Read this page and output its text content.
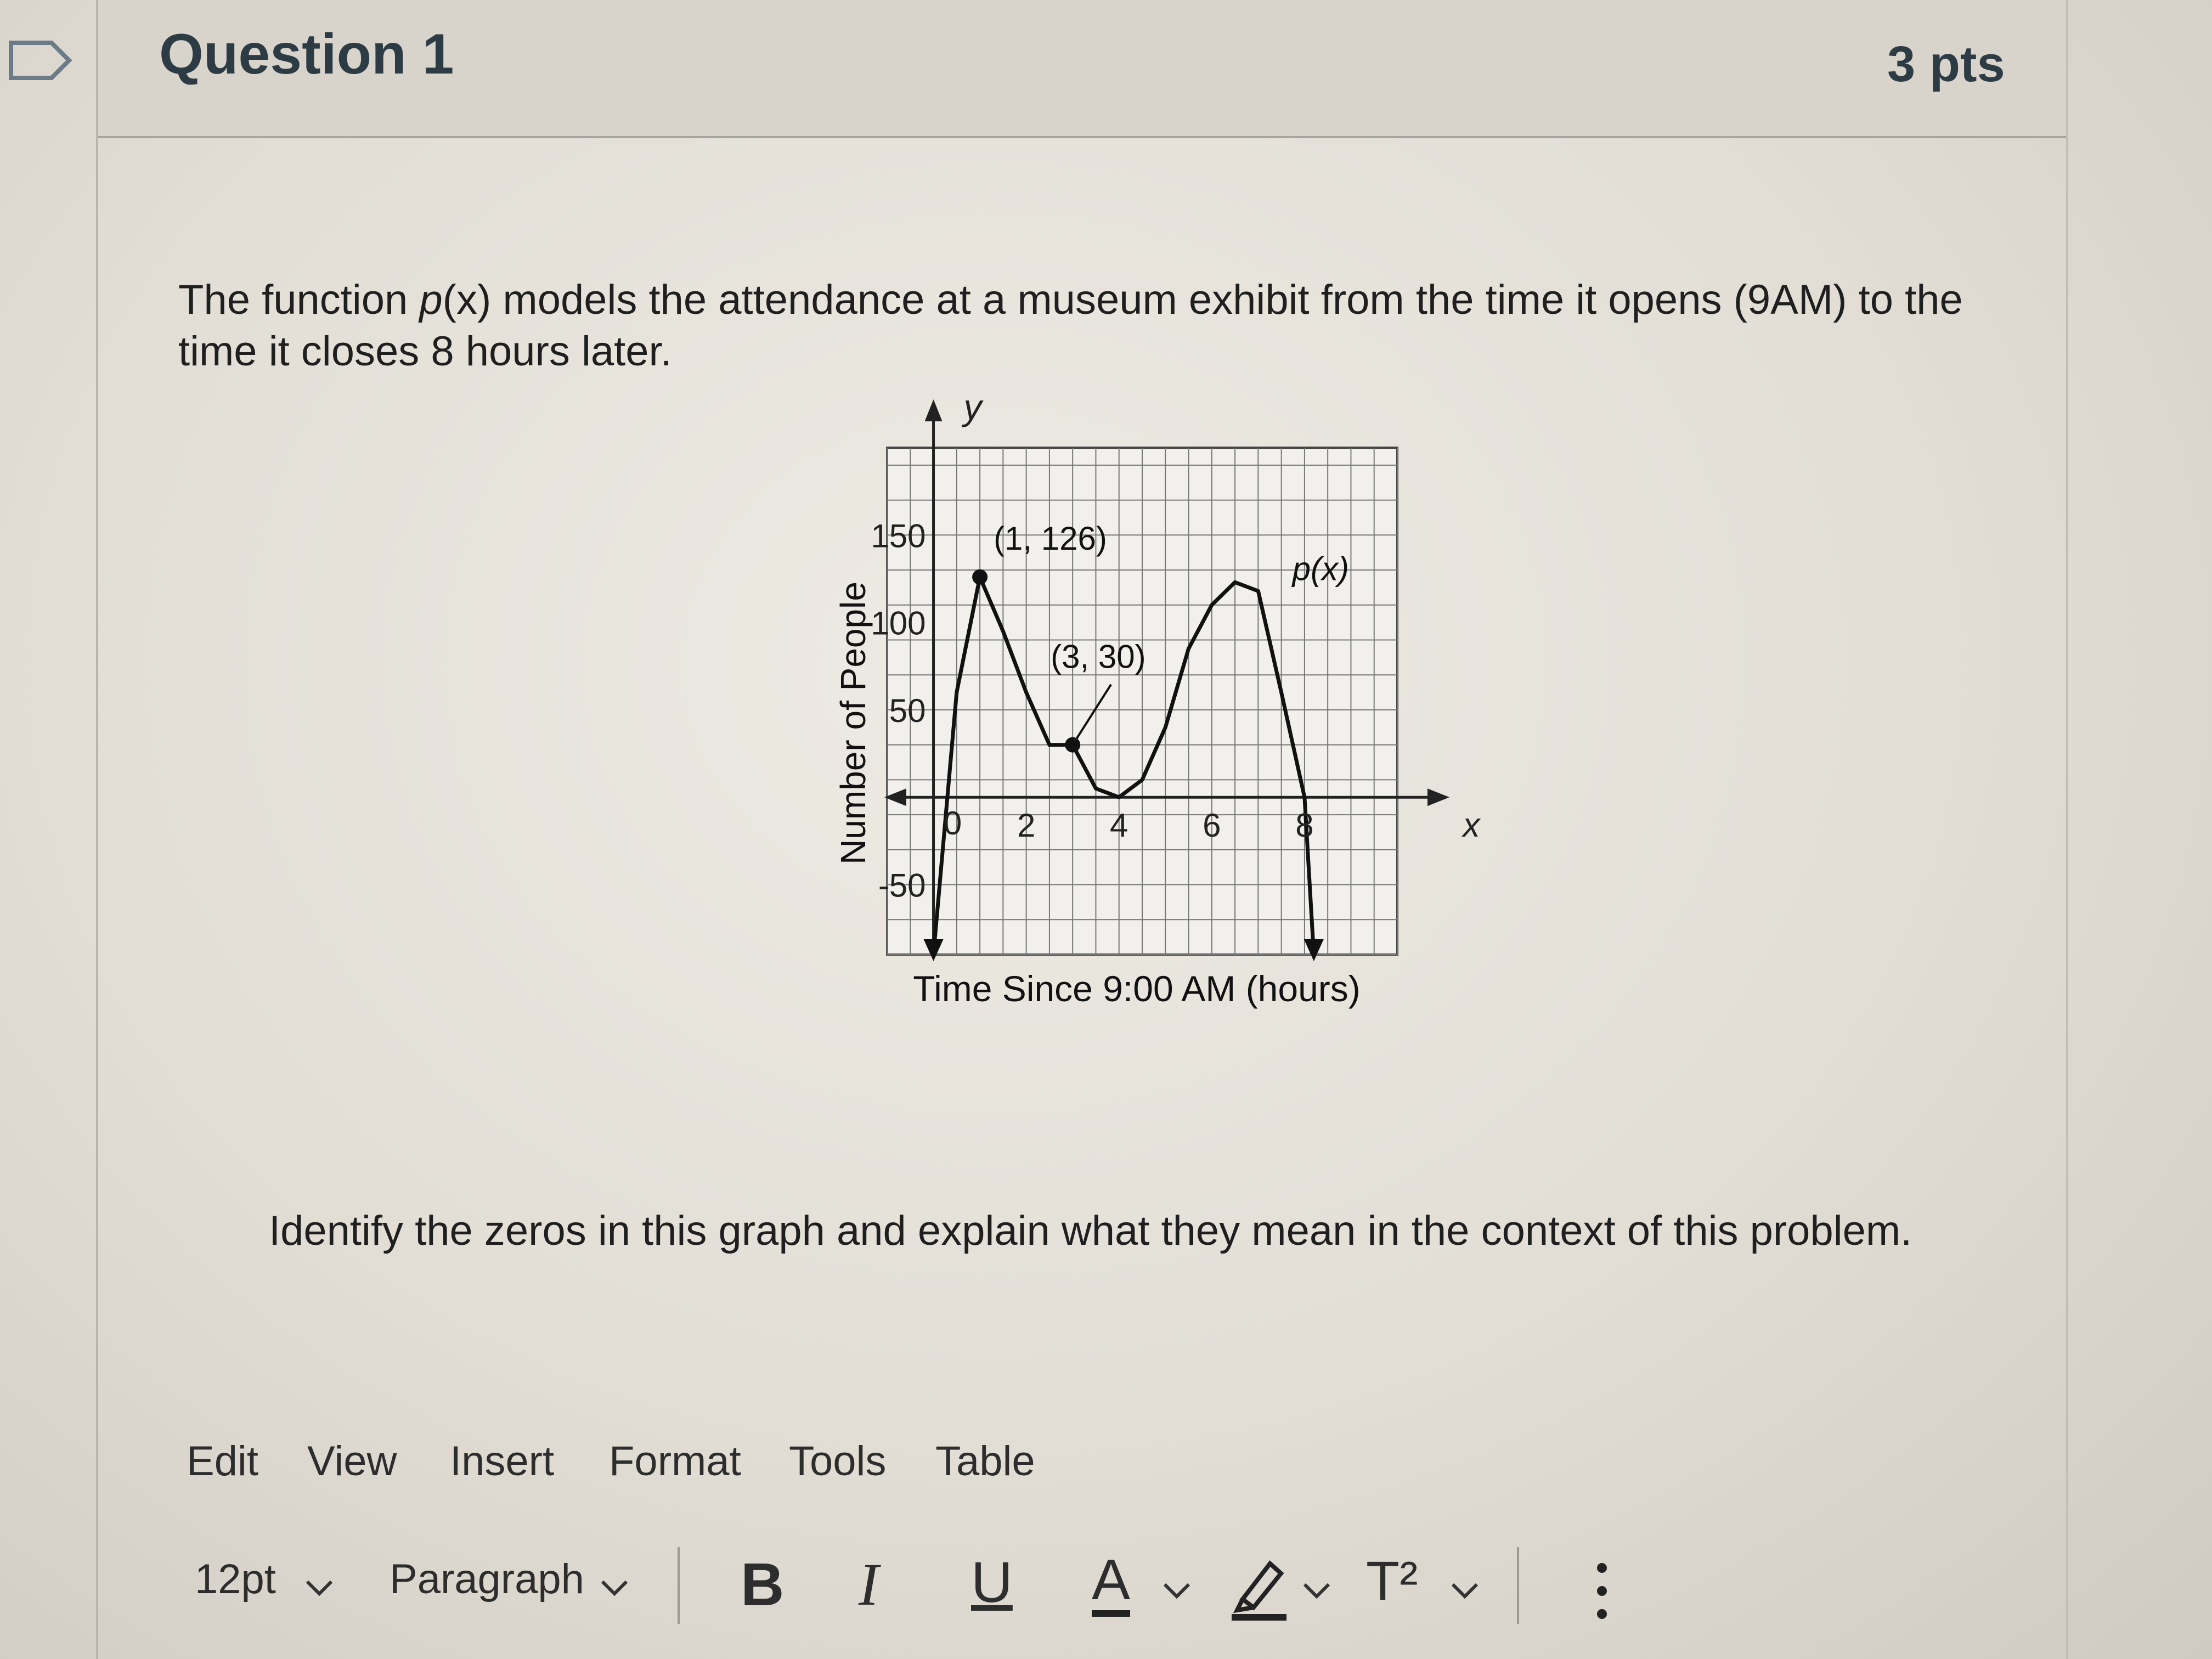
Question 1	3 pts
The function p(x) models the attendance at a museum exhibit from the time it opens (9AM) to the time it closes 8 hours later.
2 4 6 8
0
150
100
50
-50
x
y
Time Since 9:00 AM (hours)
Number of People
(1, 126)
(3, 30)
p(x)
Identify the zeros in this graph and explain what they mean in the context of this problem.
Edit View Insert Format Tools Table
12pt	Paragraph	B I U A	T²
